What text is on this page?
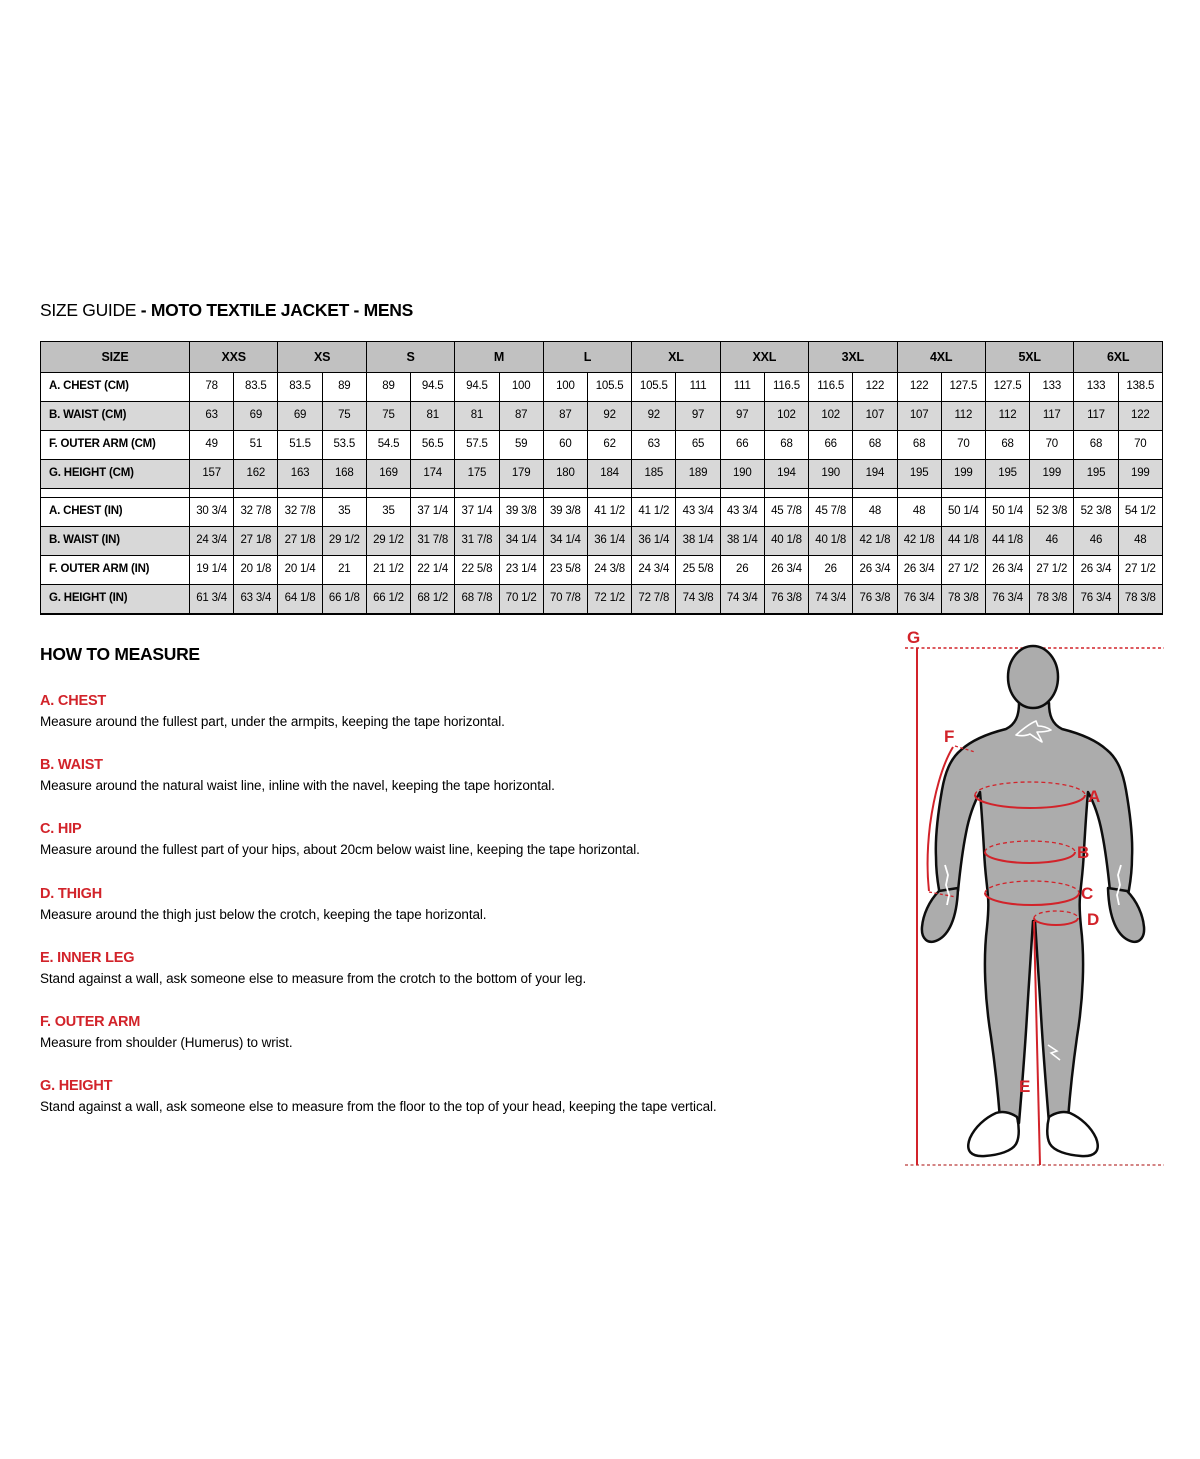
SIZE GUIDE - MOTO TEXTILE JACKET - MENS
SIZE	XXS		XS		S		M		L		XL		XXL		3XL		4XL		5XL		6XL	
A. CHEST (CM)	78	83.5	83.5	89	89	94.5	94.5	100	100	105.5	105.5	111	111	116.5	116.5	122	122	127.5	127.5	133	133	138.5
B. WAIST (CM)	63	69	69	75	75	81	81	87	87	92	92	97	97	102	102	107	107	112	112	117	117	122
F. OUTER ARM (CM)	49	51	51.5	53.5	54.5	56.5	57.5	59	60	62	63	65	66	68	66	68	68	70	68	70	68	70
G. HEIGHT (CM)	157	162	163	168	169	174	175	179	180	184	185	189	190	194	190	194	195	199	195	199	195	199

A. CHEST (IN)	30 3/4	32 7/8	32 7/8	35	35	37 1/4	37 1/4	39 3/8	39 3/8	41 1/2	41 1/2	43 3/4	43 3/4	45 7/8	45 7/8	48	48	50 1/4	50 1/4	52 3/8	52 3/8	54 1/2
B. WAIST (IN)	24 3/4	27 1/8	27 1/8	29 1/2	29 1/2	31 7/8	31 7/8	34 1/4	34 1/4	36 1/4	36 1/4	38 1/4	38 1/4	40 1/8	40 1/8	42 1/8	42 1/8	44 1/8	44 1/8	46	46	48
F. OUTER ARM (IN)	19 1/4	20 1/8	20 1/4	21	21 1/2	22 1/4	22 5/8	23 1/4	23 5/8	24 3/8	24 3/4	25 5/8	26	26 3/4	26	26 3/4	26 3/4	27 1/2	26 3/4	27 1/2	26 3/4	27 1/2
G. HEIGHT (IN)	61 3/4	63 3/4	64 1/8	66 1/8	66 1/2	68 1/2	68 7/8	70 1/2	70 7/8	72 1/2	72 7/8	74 3/8	74 3/4	76 3/8	74 3/4	76 3/8	76 3/4	78 3/8	76 3/4	78 3/8	76 3/4	78 3/8
HOW TO MEASURE
A. CHEST

Measure around the fullest part, under the armpits, keeping the tape horizontal.

B. WAIST

Measure around the natural waist line, inline with the navel, keeping the tape horizontal.

C. HIP

Measure around the fullest part of your hips, about 20cm below waist line, keeping the tape horizontal.

D. THIGH

Measure around the thigh just below the crotch, keeping the tape horizontal.

E. INNER LEG

Stand against a wall, ask someone else to measure from the crotch to the bottom of your leg.

F. OUTER ARM

Measure from shoulder (Humerus) to wrist.

G. HEIGHT

Stand against a wall, ask someone else to measure from the floor to the top of your head, keeping the tape vertical.

G
F
A
B
C
D
E
